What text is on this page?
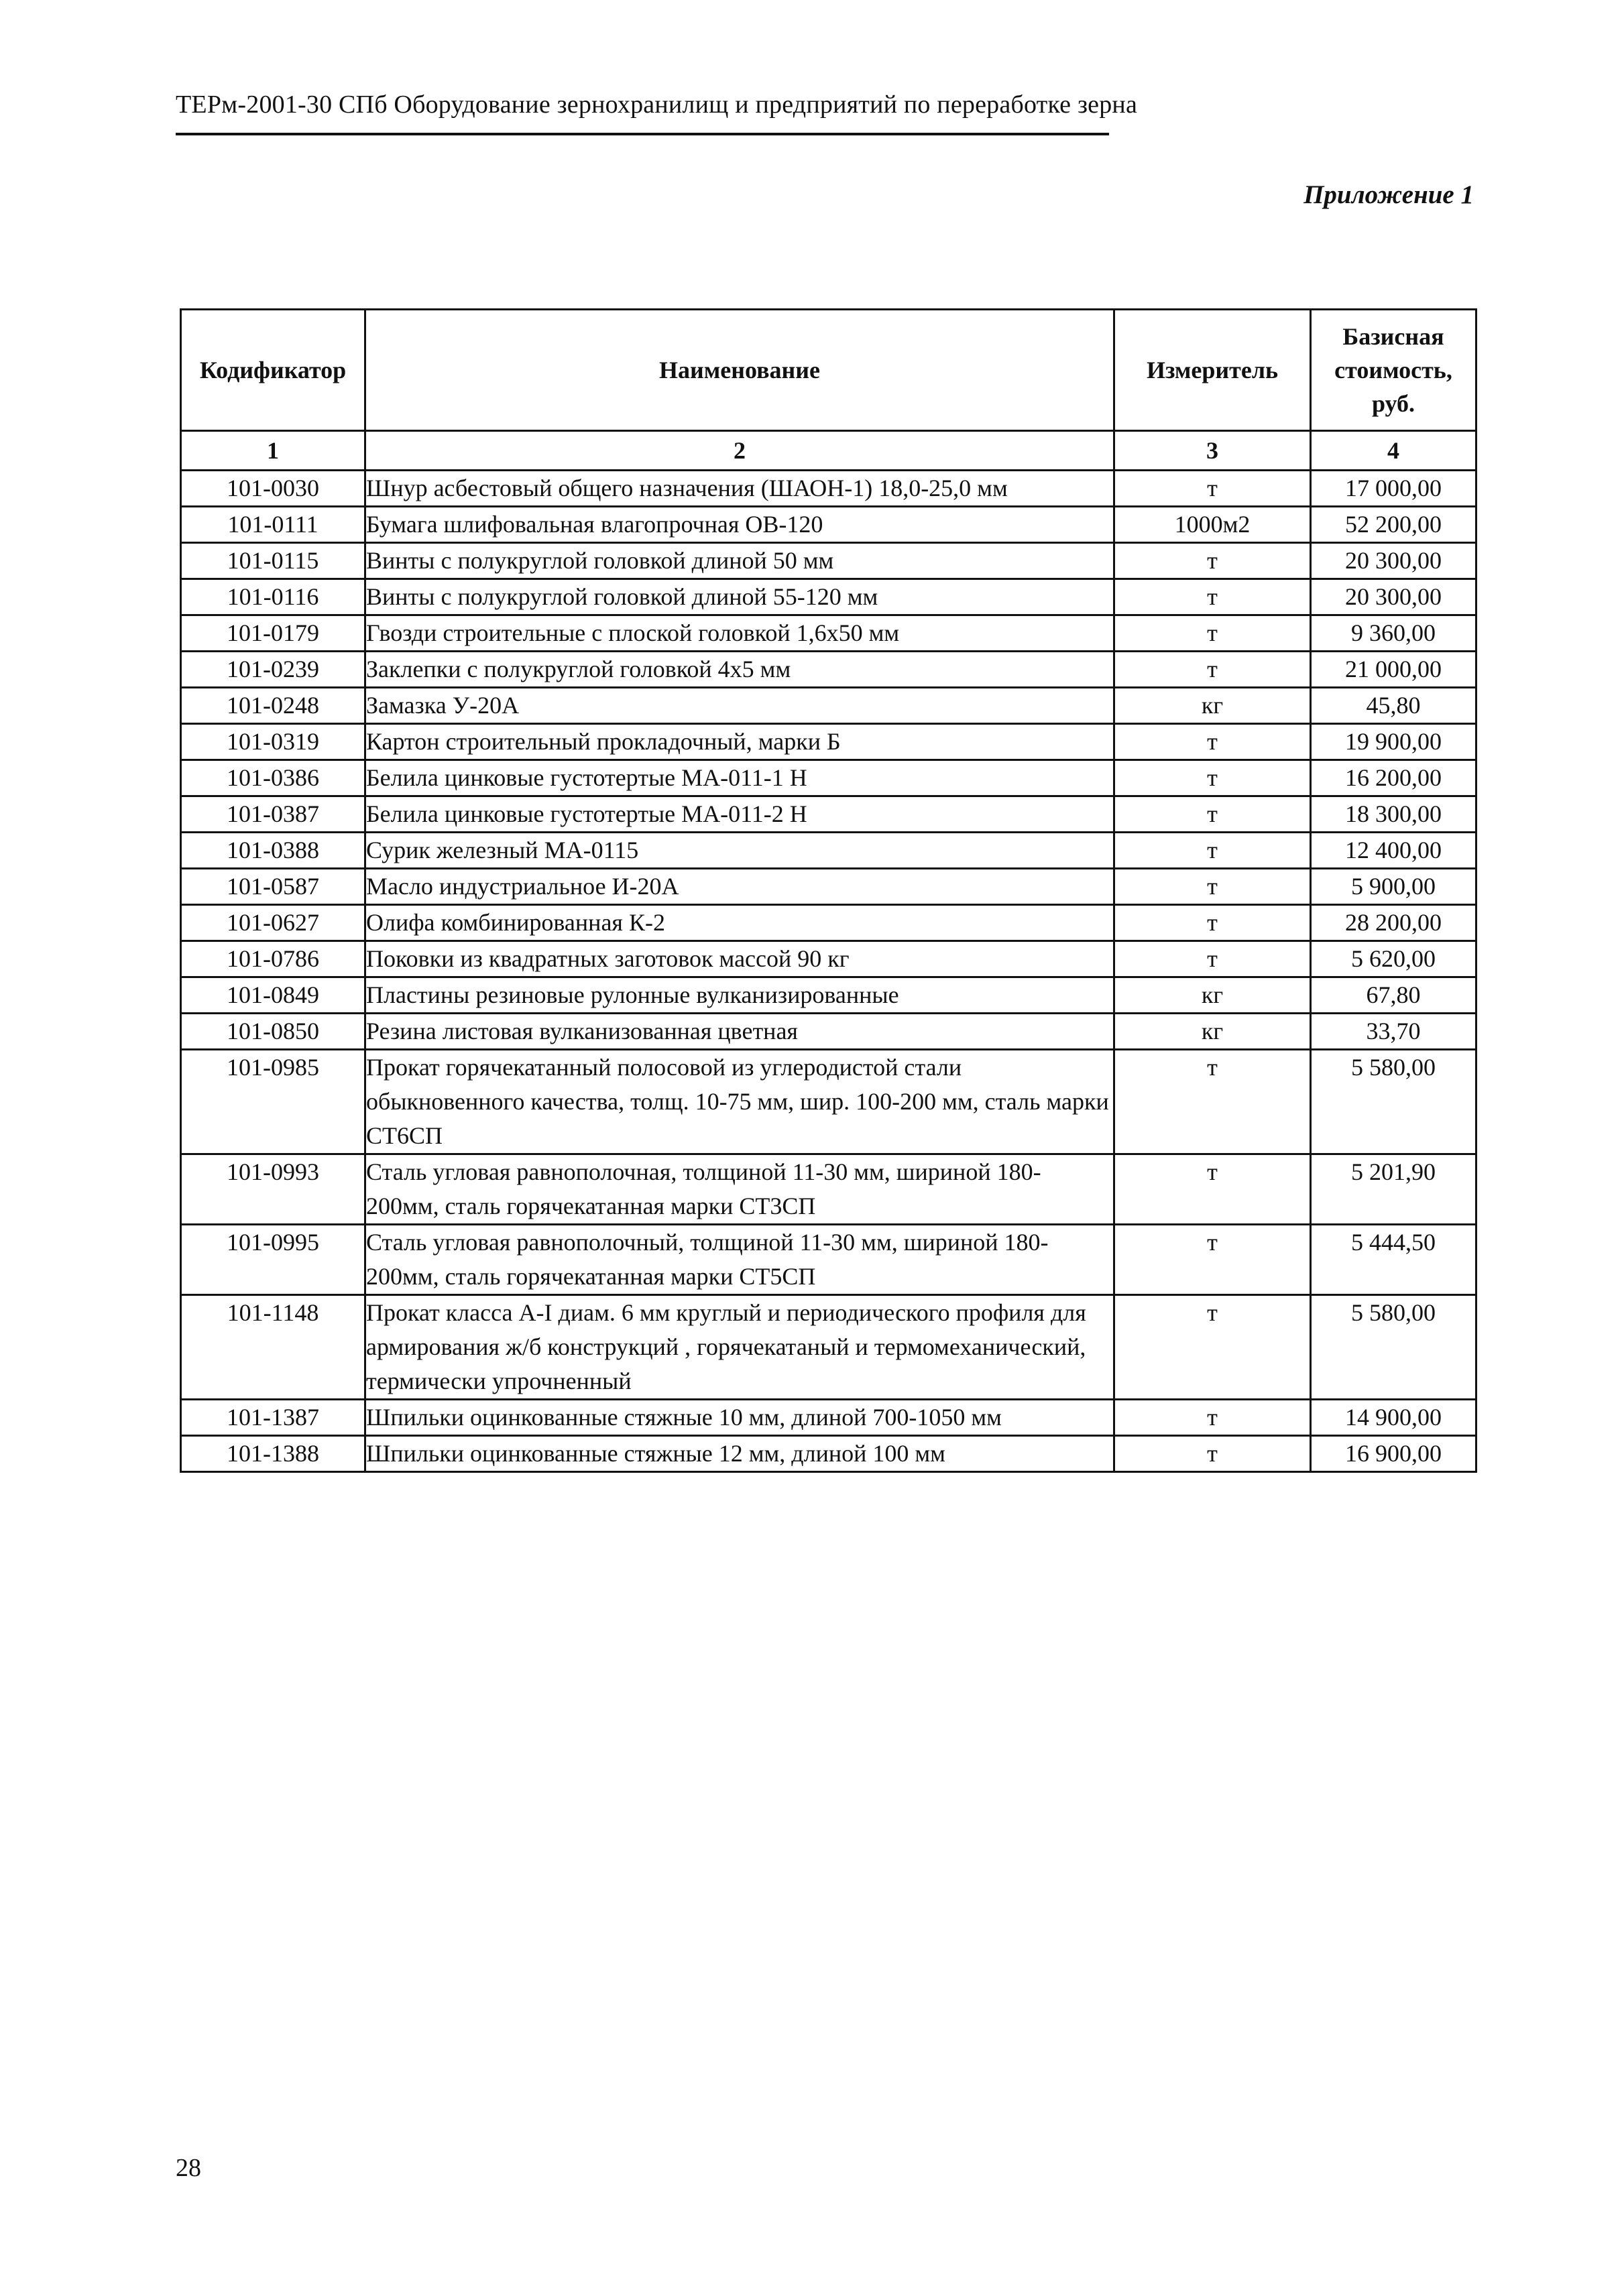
ТЕРм-2001-30 СПб Оборудование зернохранилищ и предприятий по переработке зерна
Приложение 1
Кодификатор	Наименование	Измеритель	Базисная стоимость, руб.
1	2	3	4
101-0030	Шнур асбестовый общего назначения (ШАОН-1) 18,0-25,0 мм	т	17 000,00
101-0111	Бумага шлифовальная влагопрочная ОВ-120	1000м2	52 200,00
101-0115	Винты с полукруглой головкой длиной 50 мм	т	20 300,00
101-0116	Винты с полукруглой головкой длиной 55-120 мм	т	20 300,00
101-0179	Гвозди строительные с плоской головкой 1,6х50 мм	т	9 360,00
101-0239	Заклепки с полукруглой головкой 4х5 мм	т	21 000,00
101-0248	Замазка У-20А	кг	45,80
101-0319	Картон строительный прокладочный, марки Б	т	19 900,00
101-0386	Белила цинковые густотертые МА-011-1 Н	т	16 200,00
101-0387	Белила цинковые густотертые МА-011-2 Н	т	18 300,00
101-0388	Сурик железный МА-0115	т	12 400,00
101-0587	Масло индустриальное И-20А	т	5 900,00
101-0627	Олифа комбинированная К-2	т	28 200,00
101-0786	Поковки из квадратных заготовок массой 90 кг	т	5 620,00
101-0849	Пластины резиновые рулонные вулканизированные	кг	67,80
101-0850	Резина листовая вулканизованная цветная	кг	33,70
101-0985	Прокат горячекатанный полосовой из углеродистой стали обыкновенного качества, толщ. 10-75 мм, шир. 100-200 мм, сталь марки СТ6СП	т	5 580,00
101-0993	Сталь угловая равнополочная, толщиной 11-30 мм, шириной 180-200мм, сталь горячекатанная марки СТ3СП	т	5 201,90
101-0995	Сталь угловая равнополочный, толщиной 11-30 мм, шириной 180-200мм, сталь горячекатанная марки СТ5СП	т	5 444,50
101-1148	Прокат класса А-I диам. 6 мм круглый и периодического профиля для армирования ж/б конструкций , горячекатаный и термомеханический, термически упрочненный	т	5 580,00
101-1387	Шпильки оцинкованные стяжные 10 мм, длиной 700-1050 мм	т	14 900,00
101-1388	Шпильки оцинкованные стяжные 12 мм, длиной 100 мм	т	16 900,00
28
